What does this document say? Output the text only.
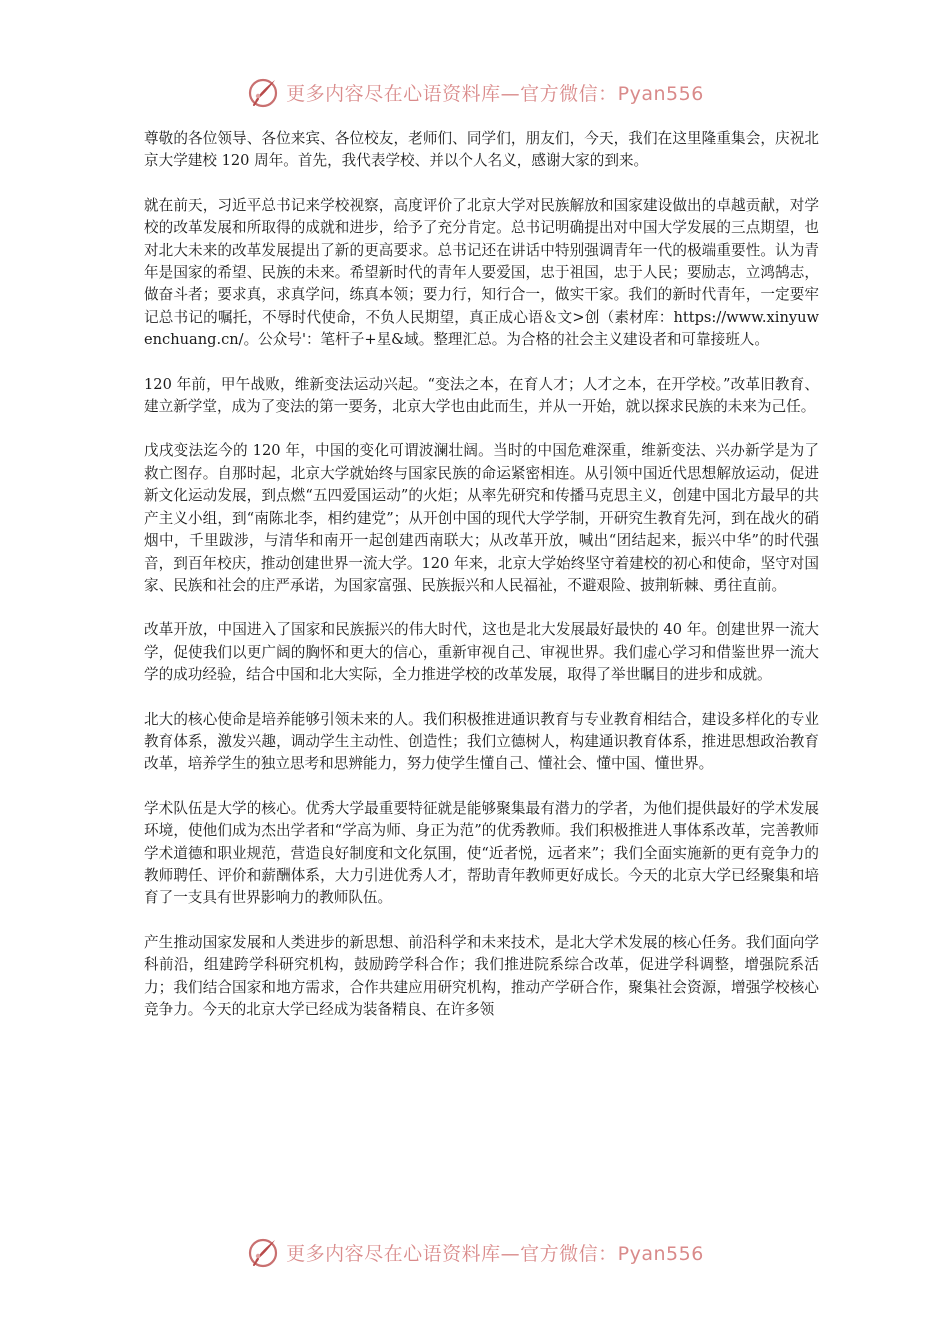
更多内容尽在心语资料库—官方微信：Pyan556

尊敬的各位领导、各位来宾、各位校友，老师们、同学们，朋友们，今天，我们在这里隆重集会，庆祝北京大学建校 120 周年。首先，我代表学校、并以个人名义，感谢大家的到来。

就在前天，习近平总书记来学校视察，高度评价了北京大学对民族解放和国家建设做出的卓越贡献，对学校的改革发展和所取得的成就和进步，给予了充分肯定。总书记明确提出对中国大学发展的三点期望，也对北大未来的改革发展提出了新的更高要求。总书记还在讲话中特别强调青年一代的极端重要性。认为青年是国家的希望、民族的未来。希望新时代的青年人要爱国，忠于祖国，忠于人民；要励志，立鸿鹄志，做奋斗者；要求真，求真学问，练真本领；要力行，知行合一，做实干家。我们的新时代青年，一定要牢记总书记的嘱托，不辱时代使命，不负人民期望，真正成心语＆文>创（素材库：https://www.xinyuwenchuang.cn/。公众号'：笔杆子+星&域。整理汇总。为合格的社会主义建设者和可靠接班人。

120 年前，甲午战败，维新变法运动兴起。“变法之本，在育人才；人才之本，在开学校。”改革旧教育、建立新学堂，成为了变法的第一要务，北京大学也由此而生，并从一开始，就以探求民族的未来为己任。

戊戌变法迄今的 120 年，中国的变化可谓波澜壮阔。当时的中国危难深重，维新变法、兴办新学是为了救亡图存。自那时起，北京大学就始终与国家民族的命运紧密相连。从引领中国近代思想解放运动，促进新文化运动发展，到点燃“五四爱国运动”的火炬；从率先研究和传播马克思主义，创建中国北方最早的共产主义小组，到“南陈北李，相约建党”；从开创中国的现代大学学制，开研究生教育先河，到在战火的硝烟中，千里跋涉，与清华和南开一起创建西南联大；从改革开放，喊出“团结起来，振兴中华”的时代强音，到百年校庆，推动创建世界一流大学。120 年来，北京大学始终坚守着建校的初心和使命，坚守对国家、民族和社会的庄严承诺，为国家富强、民族振兴和人民福祉，不避艰险、披荆斩棘、勇往直前。

改革开放，中国进入了国家和民族振兴的伟大时代，这也是北大发展最好最快的 40 年。创建世界一流大学，促使我们以更广阔的胸怀和更大的信心，重新审视自己、审视世界。我们虚心学习和借鉴世界一流大学的成功经验，结合中国和北大实际，全力推进学校的改革发展，取得了举世瞩目的进步和成就。

北大的核心使命是培养能够引领未来的人。我们积极推进通识教育与专业教育相结合，建设多样化的专业教育体系，激发兴趣，调动学生主动性、创造性；我们立德树人，构建通识教育体系，推进思想政治教育改革，培养学生的独立思考和思辨能力，努力使学生懂自己、懂社会、懂中国、懂世界。

学术队伍是大学的核心。优秀大学最重要特征就是能够聚集最有潜力的学者，为他们提供最好的学术发展环境，使他们成为杰出学者和“学高为师、身正为范”的优秀教师。我们积极推进人事体系改革，完善教师学术道德和职业规范，营造良好制度和文化氛围，使“近者悦，远者来”；我们全面实施新的更有竞争力的教师聘任、评价和薪酬体系，大力引进优秀人才，帮助青年教师更好成长。今天的北京大学已经聚集和培育了一支具有世界影响力的教师队伍。

产生推动国家发展和人类进步的新思想、前沿科学和未来技术，是北大学术发展的核心任务。我们面向学科前沿，组建跨学科研究机构，鼓励跨学科合作；我们推进院系综合改革，促进学科调整，增强院系活力；我们结合国家和地方需求，合作共建应用研究机构，推动产学研合作，聚集社会资源，增强学校核心竞争力。今天的北京大学已经成为装备精良、在许多领

更多内容尽在心语资料库—官方微信：Pyan556
